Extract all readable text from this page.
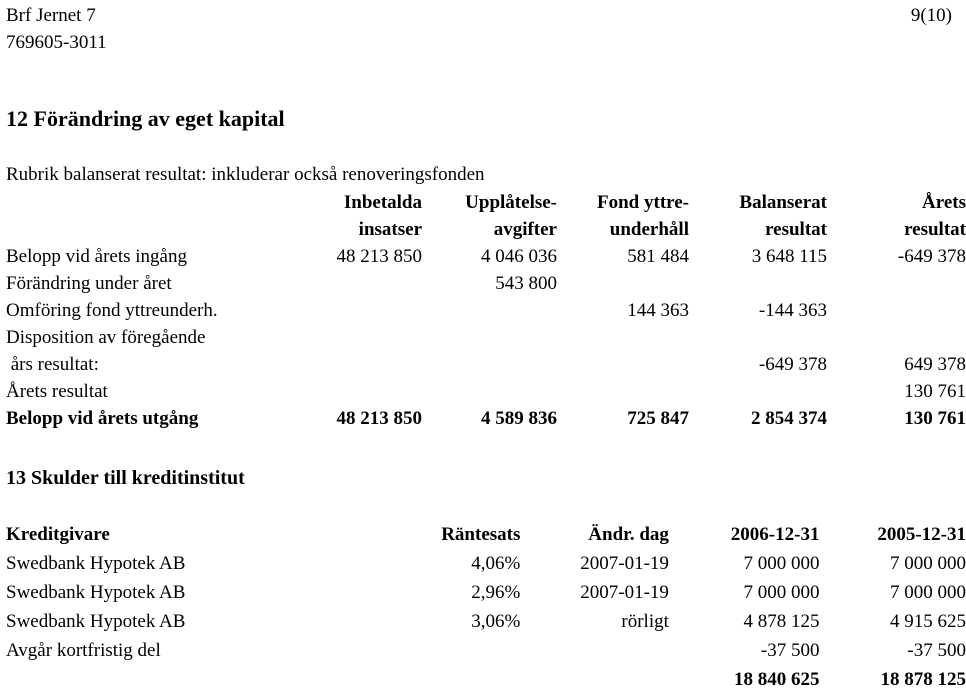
Brf Jernet 7
769605-3011
9(10)
12 Förändring av eget kapital
Rubrik balanserat resultat: inkluderar också renoveringsfonden
	Inbetalda	Upplåtelse-	Fond yttre-	Balanserat	Årets
	insatser	avgifter	underhåll	resultat	resultat
Belopp vid årets ingång	48 213 850	4 046 036	581 484	3 648 115	-649 378
Förändring under året		543 800			
Omföring fond yttreunderh.			144 363	-144 363	
Disposition av föregående					
års resultat:				-649 378	649 378
Årets resultat					130 761
Belopp vid årets utgång	48 213 850	4 589 836	725 847	2 854 374	130 761
13 Skulder till kreditinstitut
Kreditgivare	Räntesats	Ändr. dag	2006-12-31	2005-12-31
Swedbank Hypotek AB	4,06%	2007-01-19	7 000 000	7 000 000
Swedbank Hypotek AB	2,96%	2007-01-19	7 000 000	7 000 000
Swedbank Hypotek AB	3,06%	rörligt	4 878 125	4 915 625
Avgår kortfristig del			-37 500	-37 500
			18 840 625	18 878 125
